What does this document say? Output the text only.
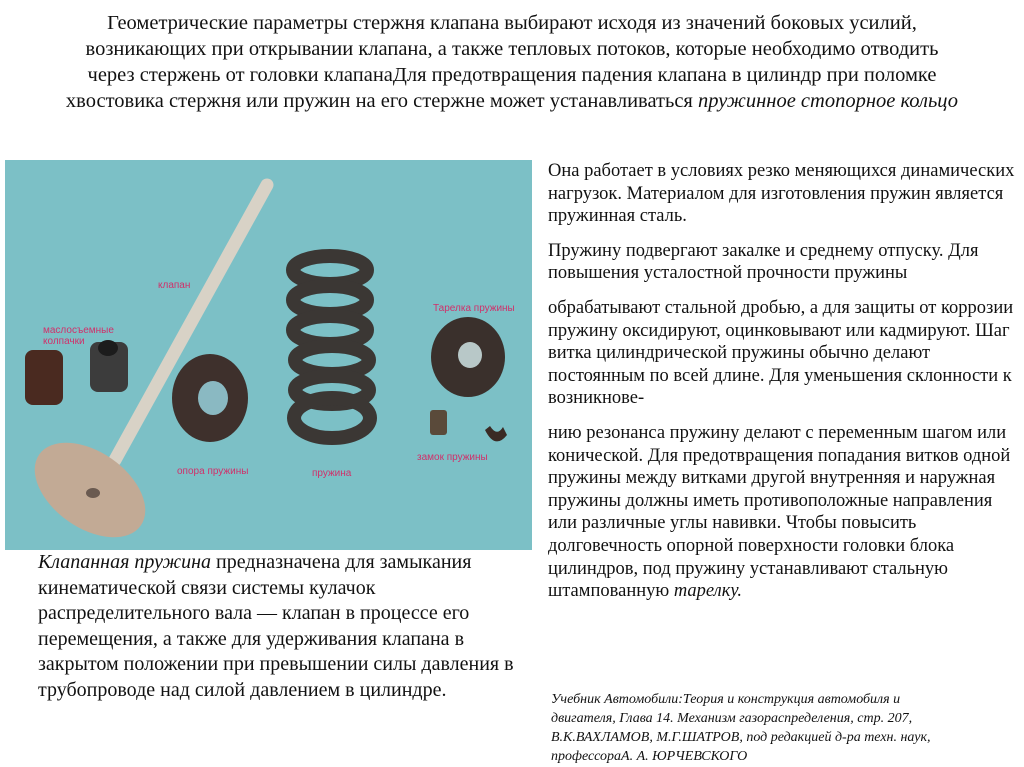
Геометрические параметры стержня клапана выбирают исходя из значений боковых усилий,
возникающих при открывании клапана, а также тепловых потоков, которые необходимо отводить
через стержень от головки клапанаДля предотвращения падения клапана в цилиндр при поломке
хвостовика стержня или пружин на его стержне может устанавливаться пружинное стопорное кольцо
клапан
маслосъемные
колпачки
опора пружины	пружина
Тарелка пружины
замок пружины

Она работает в условиях резко меняющихся динамических нагрузок. Материалом для изготовления пружин является пружинная сталь.

Пружину подвергают закалке и среднему отпуску. Для повышения усталостной прочности пружины

обрабатывают стальной дробью, а для защиты от коррозии пружину оксидируют, оцинковывают или кадмируют. Шаг витка цилиндрической пружины обычно делают постоянным по всей длине. Для уменьшения склонности к возникнове-

нию резонанса пружину делают с переменным шагом или конической. Для предотвращения попадания витков одной пружины между витками другой внутренняя и наружная пружины должны иметь противоположные направления или различные углы навивки. Чтобы повысить долговечность опорной поверхности головки блока цилиндров, под пружину устанавливают стальную штампованную тарелку.

Клапанная пружина предназначена для замыкания кинематической связи системы кулачок распределительного вала — клапан в процессе его перемещения, а также для удерживания клапана в закрытом положении при превышении силы давления в трубопроводе над силой давлением в цилиндре.	Учебник Автомобили:Теория и конструкция автомобиля и
двигателя, Глава 14. Механизм газораспределения, стр. 207,
В.К.ВАХЛАМОВ, М.Г.ШАТРОВ, под редакцией д-ра техн. наук,
профессораА. А. ЮРЧЕВСКОГО
